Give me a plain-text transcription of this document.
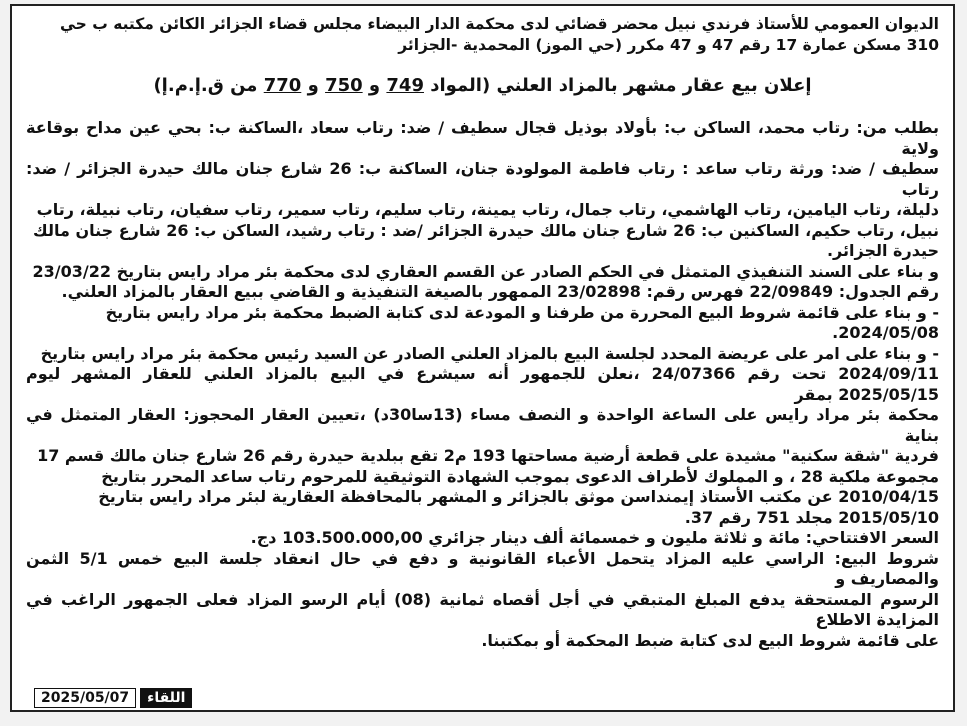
الديوان العمومي للأستاذ فرندي نبيل محضر قضائي لدى محكمة الدار البيضاء مجلس قضاء الجزائر الكائن مكتبه ب حي

310 مسكن عمارة 17 رقم 47 و 47 مكرر (حي الموز) المحمدية -الجزائر

إعلان بيع عقار مشهر بالمزاد العلني (المواد 749 و 750 و 770 من ق.إ.م.إ)

بطلب من: رتاب محمد، الساكن ب: بأولاد بوذيل قجال سطيف / ضد: رتاب سعاد ،الساكنة ب: بحي عين مداح بوقاعة ولاية

سطيف / ضد: ورثة رتاب ساعد : رتاب فاطمة المولودة جنان، الساكنة ب: 26 شارع جنان مالك حيدرة الجزائر / ضد: رتاب

دليلة، رتاب اليامين، رتاب الهاشمي، رتاب جمال، رتاب يمينة، رتاب سليم، رتاب سمير، رتاب سفيان، رتاب نبيلة، رتاب

نبيل، رتاب حكيم، الساكنين ب: 26 شارع جنان مالك حيدرة الجزائر /ضد : رتاب رشيد، الساكن ب: 26 شارع جنان مالك

حيدرة الجزائر.

و بناء على السند التنفيذي المتمثل في الحكم الصادر عن القسم العقاري لدى محكمة بئر مراد رايس بتاريخ 23/03/22

رقم الجدول: 22/09849 فهرس رقم: 23/02898 الممهور بالصيغة التنفيذية و القاضي ببيع العقار بالمزاد العلني.

- و بناء على قائمة شروط البيع المحررة من طرفنا و المودعة لدى كتابة الضبط محكمة بئر مراد رايس بتاريخ

2024/05/08.

- و بناء على امر على عريضة المحدد لجلسة البيع بالمزاد العلني الصادر عن السيد رئيس محكمة بئر مراد رايس بتاريخ

2024/09/11 تحت رقم 24/07366 ،نعلن للجمهور أنه سيشرع في البيع بالمزاد العلني للعقار المشهر ليوم 2025/05/15 بمقر

محكمة بئر مراد رايس على الساعة الواحدة و النصف مساء (13سا30د) ،تعيين العقار المحجوز: العقار المتمثل في بناية

فردية "شقة سكنية" مشيدة على قطعة أرضية مساحتها 193 م2 تقع ببلدية حيدرة رقم 26 شارع جنان مالك قسم 17

مجموعة ملكية 28 ، و المملوك لأطراف الدعوى بموجب الشهادة التوثيقية للمرحوم رتاب ساعد المحرر بتاريخ

2010/04/15 عن مكتب الأستاذ إيمنداسن موثق بالجزائر و المشهر بالمحافظة العقارية لبئر مراد رايس بتاريخ

2015/05/10 مجلد 751 رقم 37.

السعر الافتتاحي: مائة و ثلاثة مليون و خمسمائة ألف دينار جزائري 103.500.000,00 دج.

شروط البيع: الراسي عليه المزاد يتحمل الأعباء القانونية و دفع في حال انعقاد جلسة البيع خمس 5/1 الثمن والمصاريف و

الرسوم المستحقة يدفع المبلغ المتبقي في أجل أقصاه ثمانية (08) أيام الرسو المزاد فعلى الجمهور الراغب في المزايدة الاطلاع

على قائمة شروط البيع لدى كتابة ضبط المحكمة أو بمكتبنا.

2025/05/07	اللقاء
